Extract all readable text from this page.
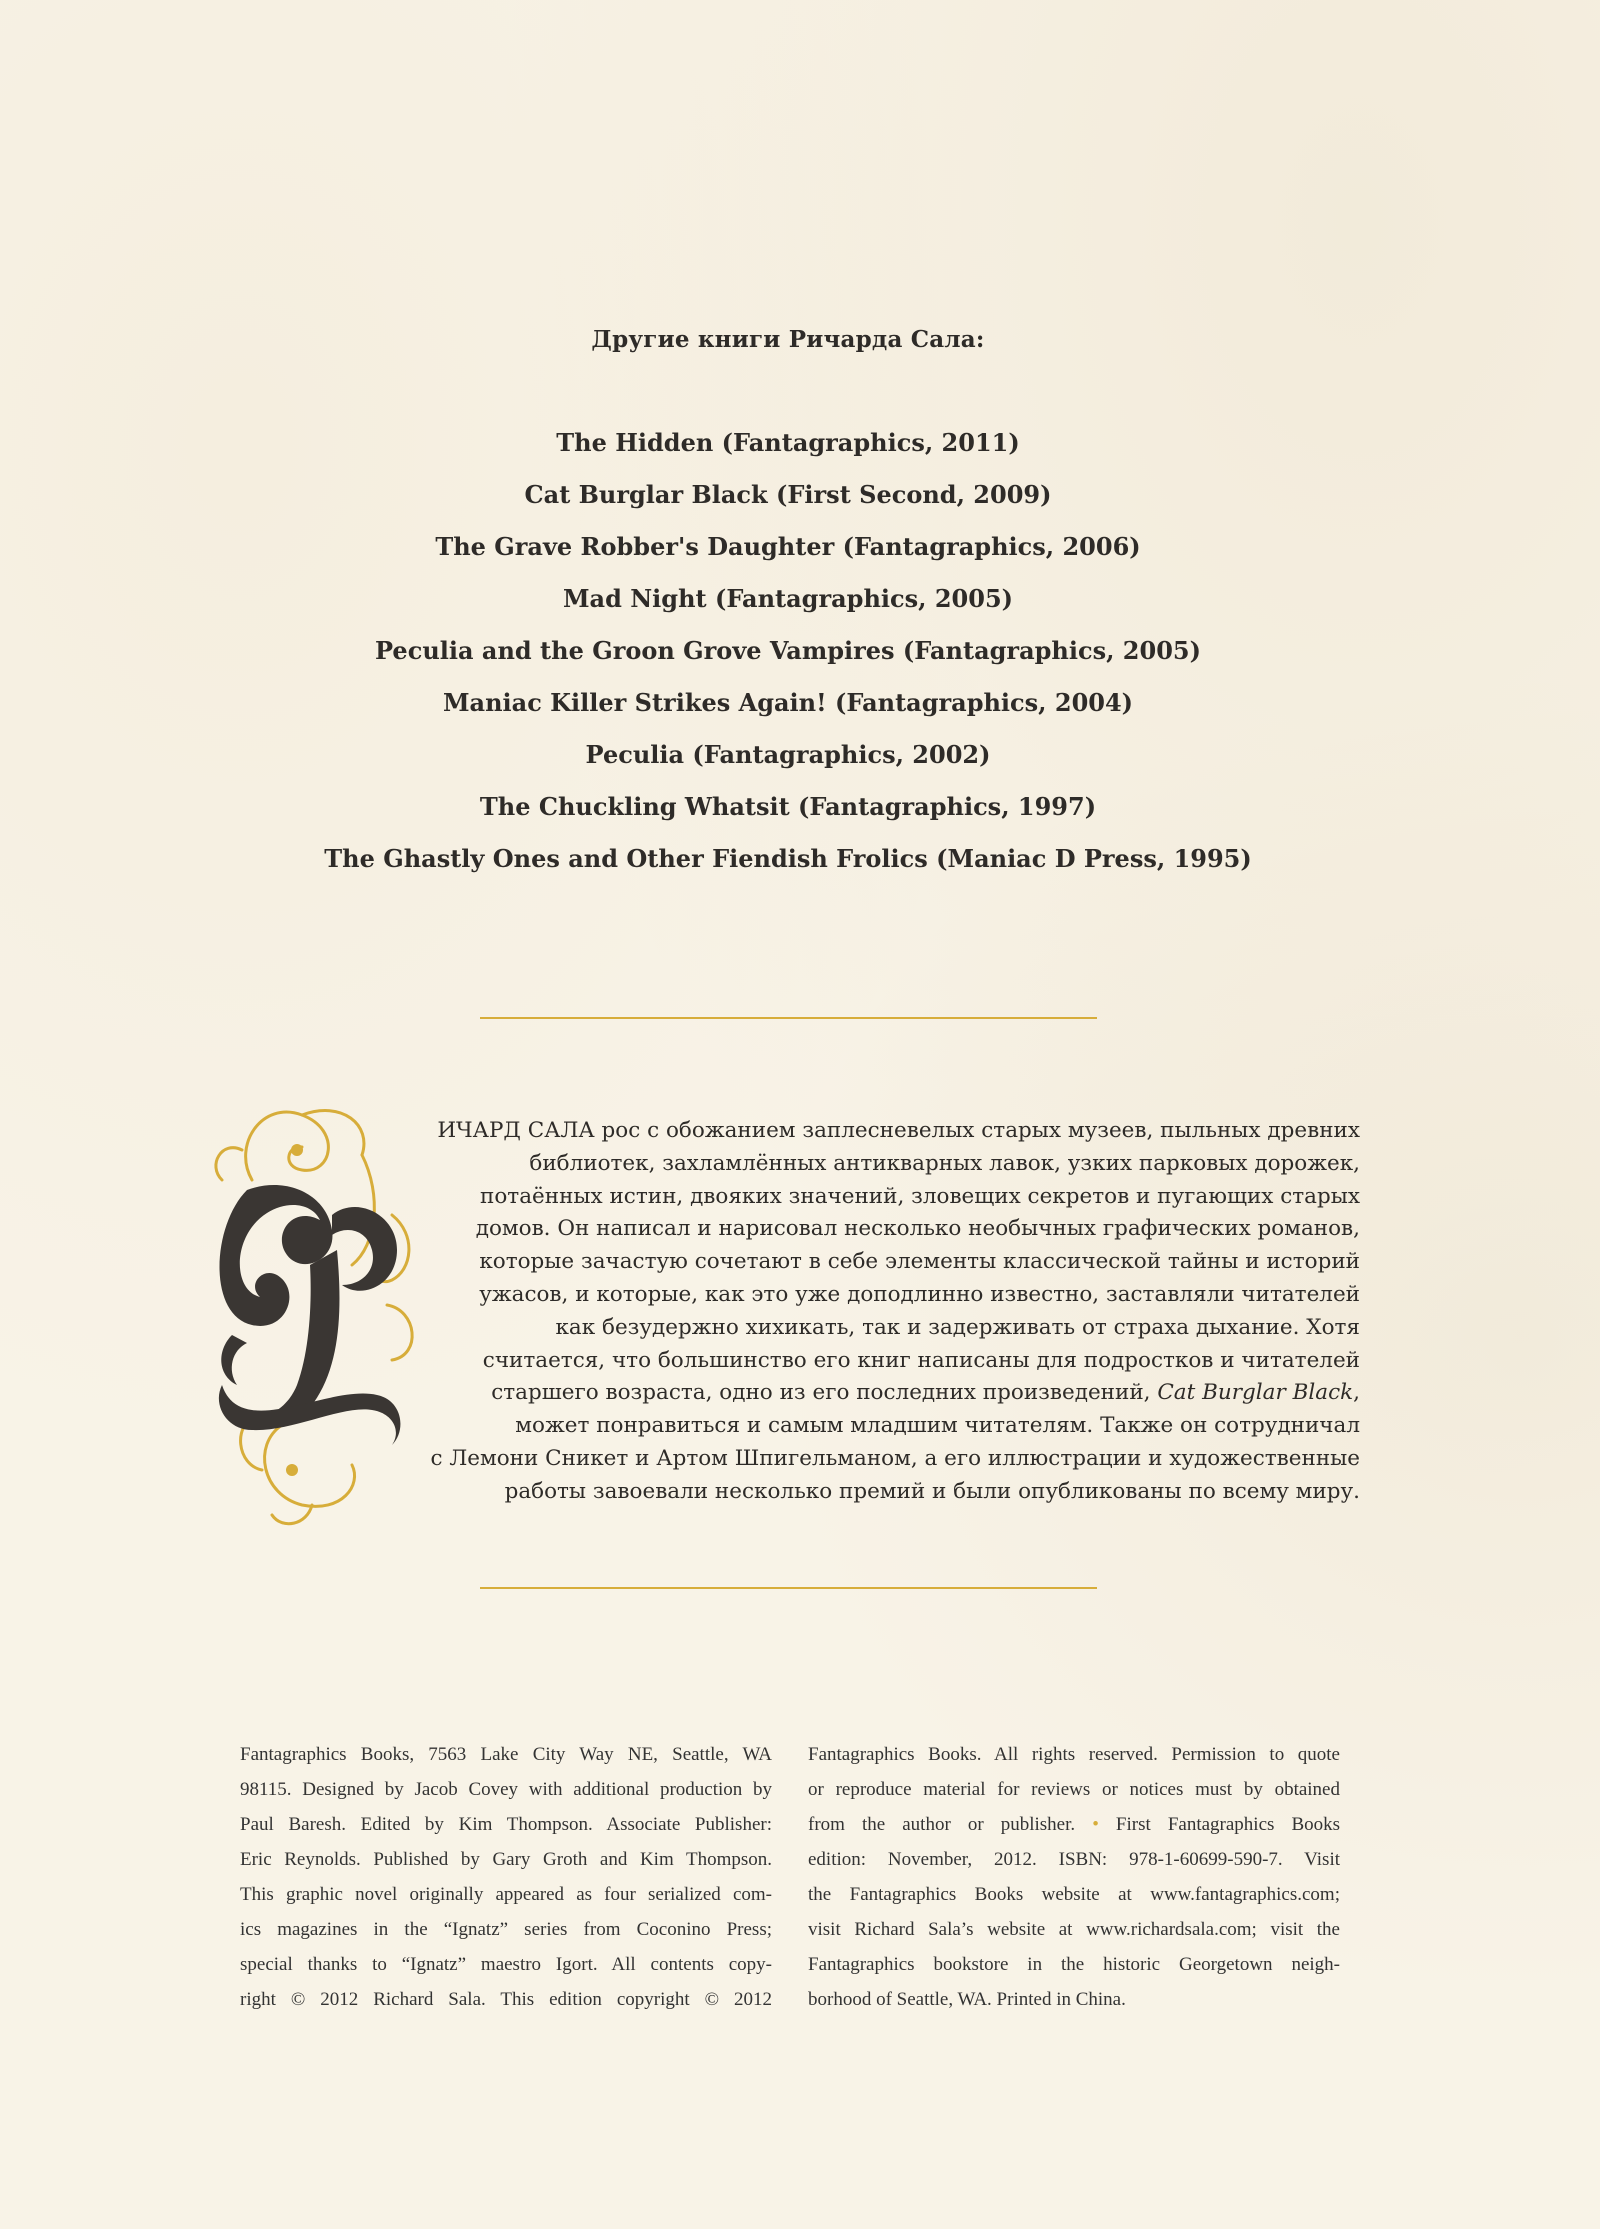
Другие книги Ричарда Сала:
The Hidden (Fantagraphics, 2011)
Cat Burglar Black (First Second, 2009)
The Grave Robber's Daughter (Fantagraphics, 2006)
Mad Night (Fantagraphics, 2005)
Peculia and the Groon Grove Vampires (Fantagraphics, 2005)
Maniac Killer Strikes Again! (Fantagraphics, 2004)
Peculia (Fantagraphics, 2002)
The Chuckling Whatsit (Fantagraphics, 1997)
The Ghastly Ones and Other Fiendish Frolics (Maniac D Press, 1995)
ИЧАРД САЛА рос с обожанием заплесневелых старых музеев, пыльных древних
библиотек, захламлённых антикварных лавок, узких парковых дорожек,
потаённых истин, двояких значений, зловещих секретов и пугающих старых
домов. Он написал и нарисовал несколько необычных графических романов,
которые зачастую сочетают в себе элементы классической тайны и историй
ужасов, и которые, как это уже доподлинно известно, заставляли читателей
как безудержно хихикать, так и задерживать от страха дыхание. Хотя
считается, что большинство его книг написаны для подростков и читателей
старшего возраста, одно из его последних произведений, Cat Burglar Black,
может понравиться и самым младшим читателям. Также он сотрудничал
с Лемони Сникет и Артом Шпигельманом, а его иллюстрации и художественные
работы завоевали несколько премий и были опубликованы по всему миру.
Fantagraphics Books, 7563 Lake City Way NE, Seattle, WA
98115. Designed by Jacob Covey with additional production by
Paul Baresh. Edited by Kim Thompson. Associate Publisher:
Eric Reynolds. Published by Gary Groth and Kim Thompson.
This graphic novel originally appeared as four serialized com-
ics magazines in the “Ignatz” series from Coconino Press;
special thanks to “Ignatz” maestro Igort. All contents copy-
right © 2012 Richard Sala. This edition copyright © 2012
Fantagraphics Books. All rights reserved. Permission to quote
or reproduce material for reviews or notices must by obtained
from the author or publisher. • First Fantagraphics Books
edition: November, 2012. ISBN: 978-1-60699-590-7. Visit
the Fantagraphics Books website at www.fantagraphics.com;
visit Richard Sala’s website at www.richardsala.com; visit the
Fantagraphics bookstore in the historic Georgetown neigh-
borhood of Seattle, WA. Printed in China.
